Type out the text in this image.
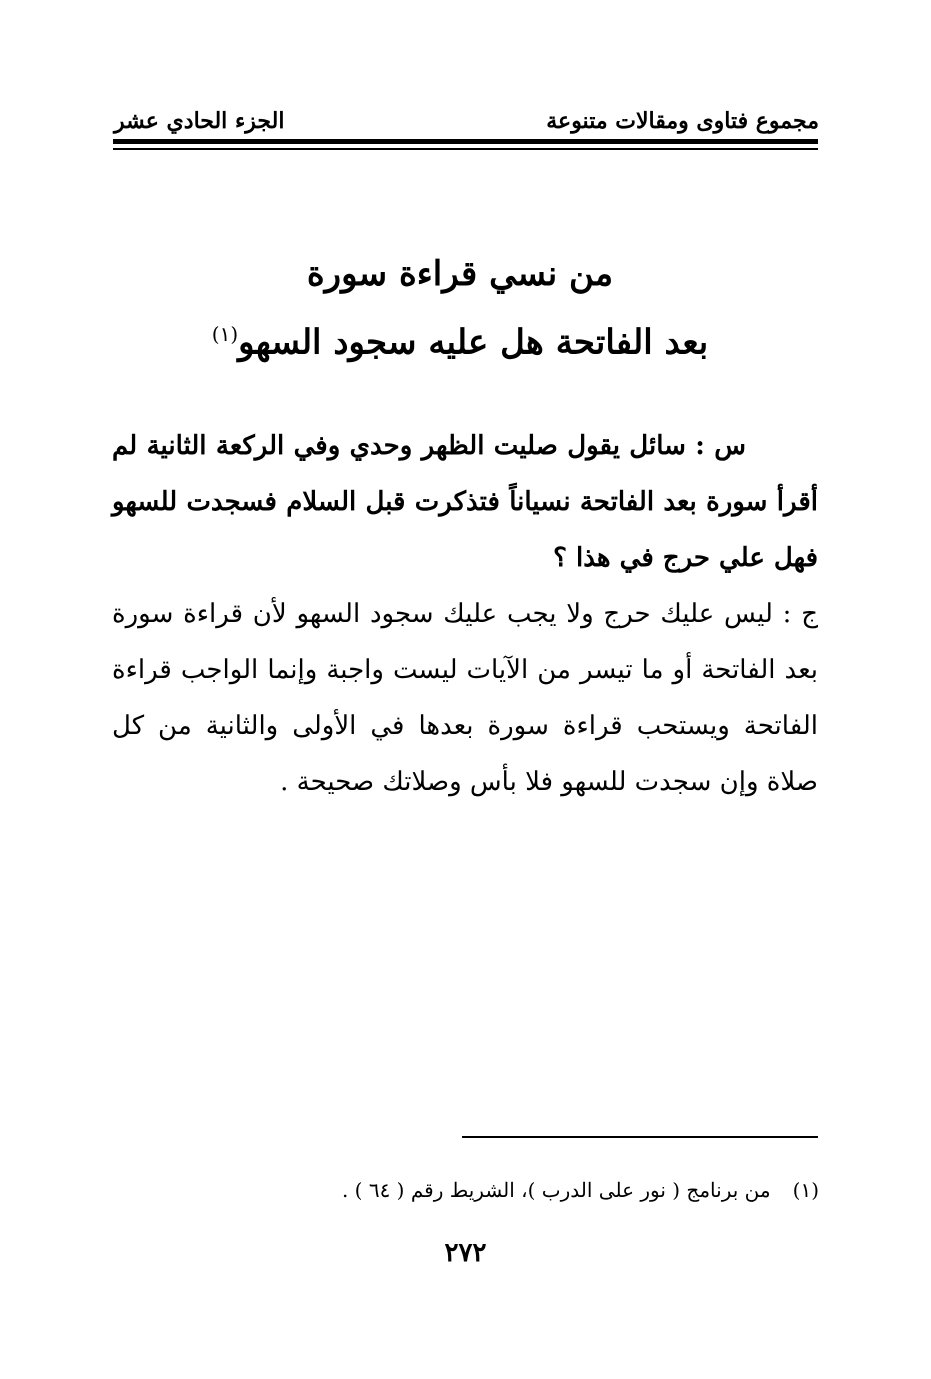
مجموع فتاوى ومقالات متنوعة
الجزء الحادي عشر
من نسي قراءة سورة
بعد الفاتحة هل عليه سجود السهو$^{(١)}$

س : سائل يقول صليت الظهر وحدي وفي الركعة الثانية لم أقرأ سورة بعد الفاتحة نسياناً فتذكرت قبل السلام فسجدت للسهو فهل علي حرج في هذا ؟

ج : ليس عليك حرج ولا يجب عليك سجود السهو لأن قراءة سورة بعد الفاتحة أو ما تيسر من الآيات ليست واجبة وإنما الواجب قراءة الفاتحة ويستحب قراءة سورة بعدها في الأولى والثانية من كل صلاة وإن سجدت للسهو فلا بأس وصلاتك صحيحة .

(١)من برنامج ( نور على الدرب )، الشريط رقم ( ٦٤ ) .
٢٧٢
